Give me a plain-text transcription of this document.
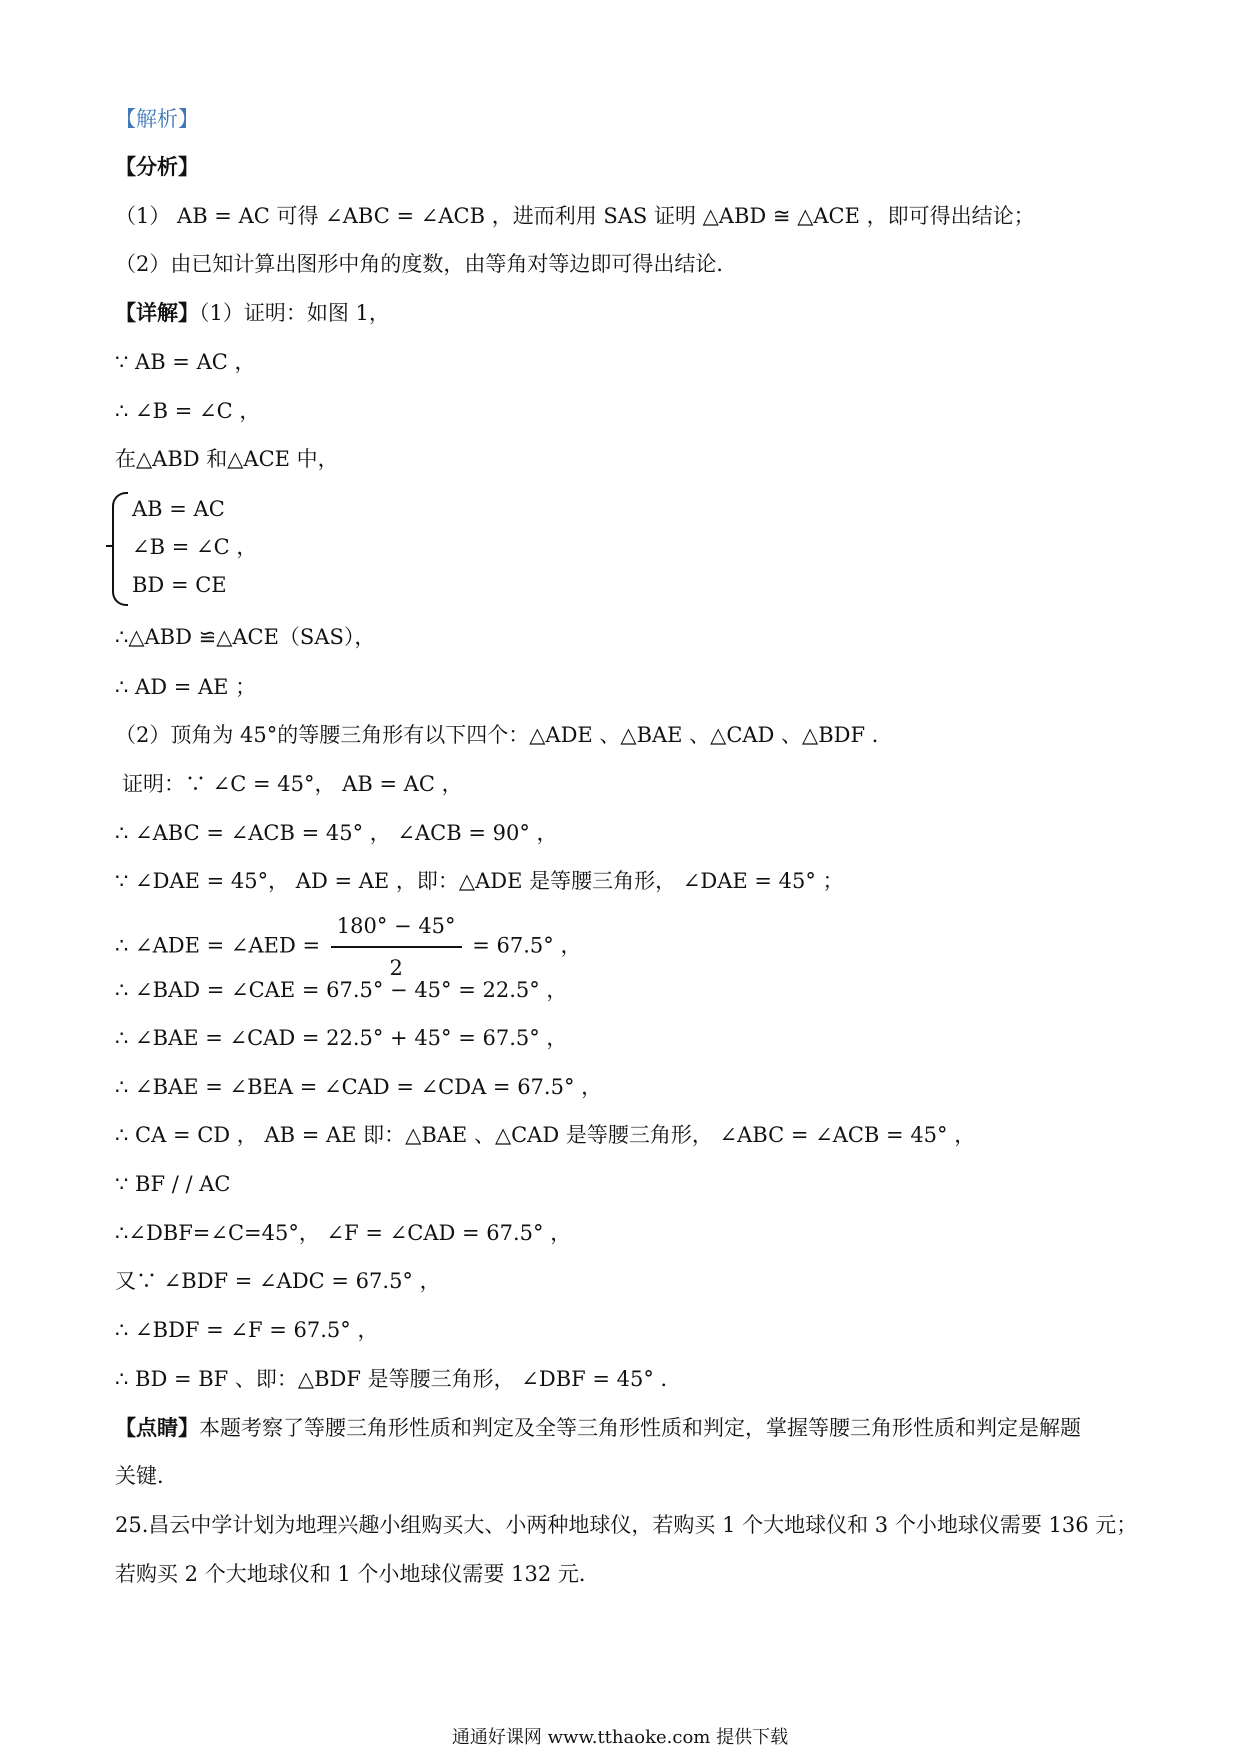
【解析】
【分析】
（1） AB = AC 可得 ∠ABC = ∠ACB ，进而利用 SAS 证明 △ABD ≅ △ACE ，即可得出结论；
（2）由已知计算出图形中角的度数，由等角对等边即可得出结论．
【详解】（1）证明：如图 1，
∵ AB = AC ，
∴ ∠B = ∠C ，
在△ABD 和△ACE 中，
AB = AC
∠B = ∠C ，
BD = CE
∴△ABD ≌△ACE（SAS），
∴ AD = AE ；
（2）顶角为 45°的等腰三角形有以下四个：△ADE 、△BAE 、△CAD 、△BDF ．
证明：∵ ∠C = 45°， AB = AC ，
∴ ∠ABC = ∠ACB = 45° ， ∠ACB = 90° ，
∵ ∠DAE = 45°， AD = AE ，即：△ADE 是等腰三角形， ∠DAE = 45° ；
∴ ∠ADE = ∠AED = $\frac{180^\circ - 45^\circ}{2} = 67.5^\circ$ ，
∴ ∠BAD = ∠CAE = 67.5° − 45° = 22.5° ，
∴ ∠BAE = ∠CAD = 22.5° + 45° = 67.5° ，
∴ ∠BAE = ∠BEA = ∠CAD = ∠CDA = 67.5° ，
∴ CA = CD ， AB = AE 即：△BAE 、△CAD 是等腰三角形， ∠ABC = ∠ACB = 45° ，
∵ BF / / AC
∴∠DBF=∠C=45°， ∠F = ∠CAD = 67.5° ，
又∵ ∠BDF = ∠ADC = 67.5° ，
∴ ∠BDF = ∠F = 67.5° ，
∴ BD = BF 、即：△BDF 是等腰三角形， ∠DBF = 45° ．
【点睛】本题考察了等腰三角形性质和判定及全等三角形性质和判定，掌握等腰三角形性质和判定是解题
关键．
25.昌云中学计划为地理兴趣小组购买大、小两种地球仪，若购买 1 个大地球仪和 3 个小地球仪需要 136 元；
若购买 2 个大地球仪和 1 个小地球仪需要 132 元．
通通好课网 www.tthaoke.com 提供下载
